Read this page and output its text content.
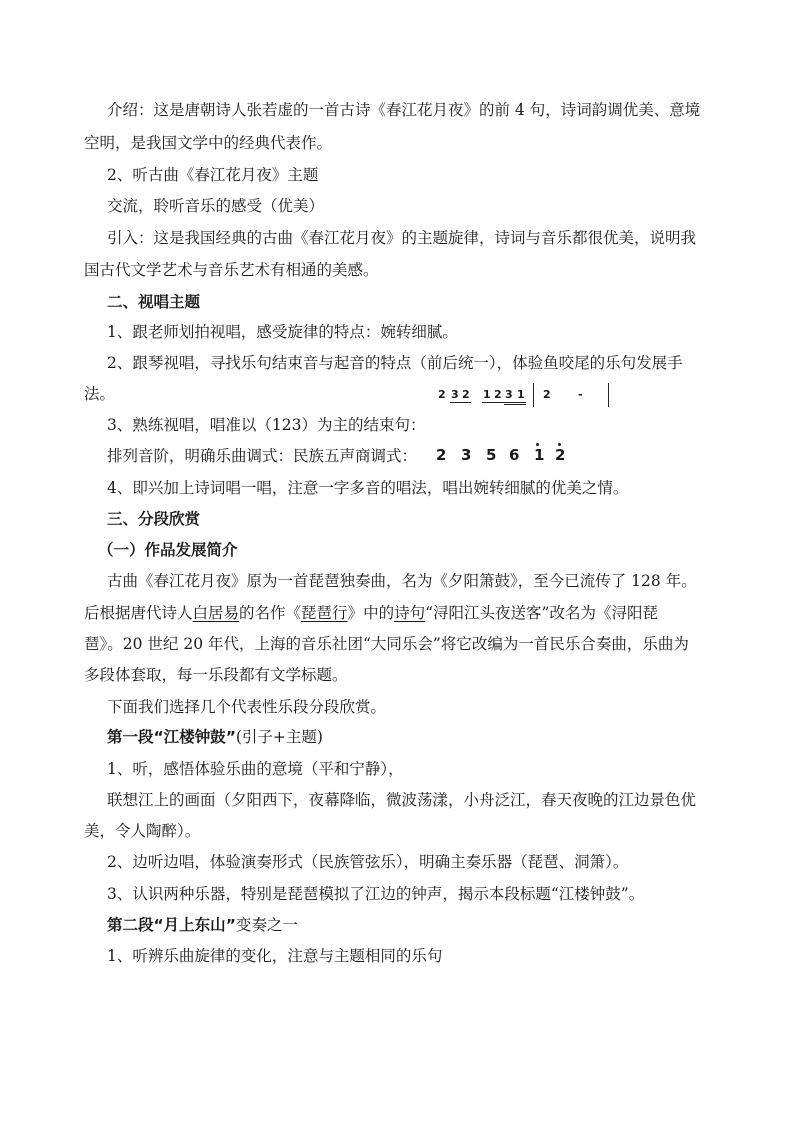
介绍：这是唐朝诗人张若虚的一首古诗《春江花月夜》的前 4 句，诗词韵调优美、意境
空明，是我国文学中的经典代表作。
2、听古曲《春江花月夜》主题
交流，聆听音乐的感受（优美）
引入：这是我国经典的古曲《春江花月夜》的主题旋律，诗词与音乐都很优美，说明我
国古代文学艺术与音乐艺术有相通的美感。
二、视唱主题
1、跟老师划拍视唱，感受旋律的特点：婉转细腻。
2、跟琴视唱，寻找乐句结束音与起音的特点（前后统一），体验鱼咬尾的乐句发展手
法。	2 3 2 1 2 3 1 2 -
3、熟练视唱，唱准以（123）为主的结束句：
排列音阶，明确乐曲调式：民族五声商调式： 2 3 5 6 1 2
4、即兴加上诗词唱一唱，注意一字多音的唱法，唱出婉转细腻的优美之情。
三、分段欣赏
（一）作品发展简介
古曲《春江花月夜》原为一首琵琶独奏曲，名为《夕阳箫鼓》，至今已流传了 128 年。
后根据唐代诗人白居易的名作《琵琶行》中的诗句“浔阳江头夜送客”改名为《浔阳琵
琶》。20 世纪 20 年代，上海的音乐社团“大同乐会”将它改编为一首民乐合奏曲，乐曲为
多段体套取，每一乐段都有文学标题。
下面我们选择几个代表性乐段分段欣赏。
第一段“江楼钟鼓”(引子+主题)
1、听，感悟体验乐曲的意境（平和宁静），
联想江上的画面（夕阳西下，夜幕降临，微波荡漾，小舟泛江，春天夜晚的江边景色优
美，令人陶醉）。
2、边听边唱，体验演奏形式（民族管弦乐），明确主奏乐器（琵琶、洞箫）。
3、认识两种乐器，特别是琵琶模拟了江边的钟声，揭示本段标题“江楼钟鼓”。
第二段“月上东山”变奏之一
1、听辨乐曲旋律的变化，注意与主题相同的乐句
